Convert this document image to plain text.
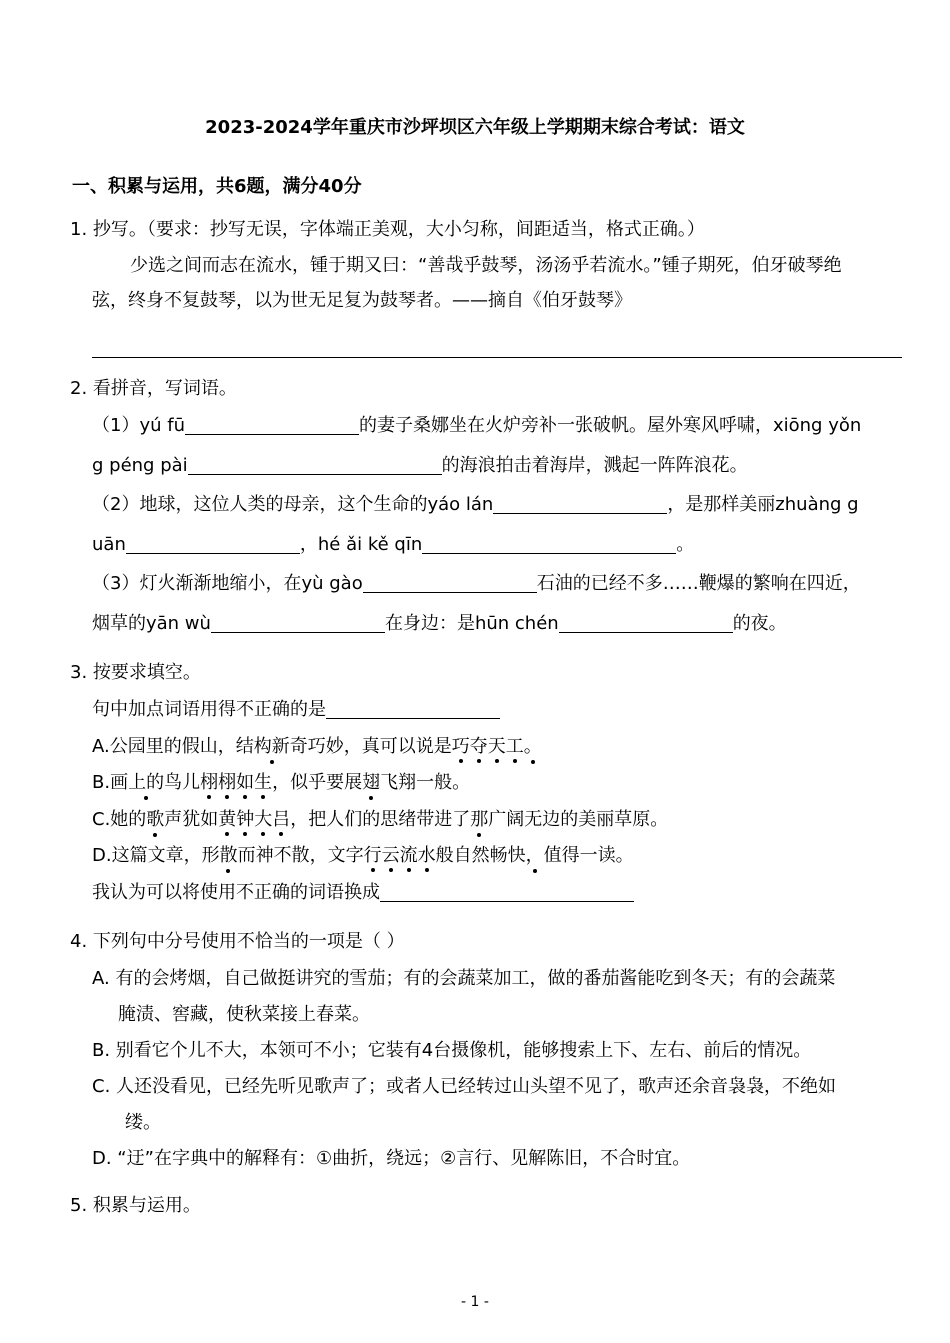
2023-2024学年重庆市沙坪坝区六年级上学期期末综合考试：语文
一、积累与运用，共6题，满分40分
1. 抄写。（要求：抄写无误，字体端正美观，大小匀称，间距适当，格式正确。）
少选之间而志在流水，锺于期又曰：“善哉乎鼓琴，汤汤乎若流水。”锺子期死，伯牙破琴绝
弦，终身不复鼓琴，以为世无足复为鼓琴者。——摘自《伯牙鼓琴》
2. 看拼音，写词语。
（1）yú fū	的妻子桑娜坐在火炉旁补一张破帆。屋外寒风呼啸，xiōng yǒn
g péng pài	的海浪拍击着海岸，溅起一阵阵浪花。
（2）地球，这位人类的母亲，这个生命的yáo lán	，是那样美丽zhuàng g
uān	，hé ǎi kě qīn	。
（3）灯火渐渐地缩小，在yù gào	石油的已经不多……鞭爆的繁响在四近，
烟草的yān wù	在身边：是hūn chén	的夜。
3. 按要求填空。
句中加点词语用得不正确的是
A.公园里的假山，结构新奇巧妙，真可以说是巧夺天工。
B.画上的鸟儿栩栩如生，似乎要展翅飞翔一般。
C.她的歌声犹如黄钟大吕，把人们的思绪带进了那广阔无边的美丽草原。
D.这篇文章，形散而神不散，文字行云流水般自然畅快，值得一读。
我认为可以将使用不正确的词语换成
4. 下列句中分号使用不恰当的一项是（ ）
A. 有的会烤烟，自己做挺讲究的雪茄；有的会蔬菜加工，做的番茄酱能吃到冬天；有的会蔬菜
腌渍、窖藏，使秋菜接上春菜。
B. 别看它个儿不大，本领可不小；它装有4台摄像机，能够搜索上下、左右、前后的情况。
C. 人还没看见，已经先听见歌声了；或者人已经转过山头望不见了，歌声还余音袅袅，不绝如
缕。
D. “迂”在字典中的解释有：①曲折，绕远；②言行、见解陈旧，不合时宜。
5. 积累与运用。
- 1 -
